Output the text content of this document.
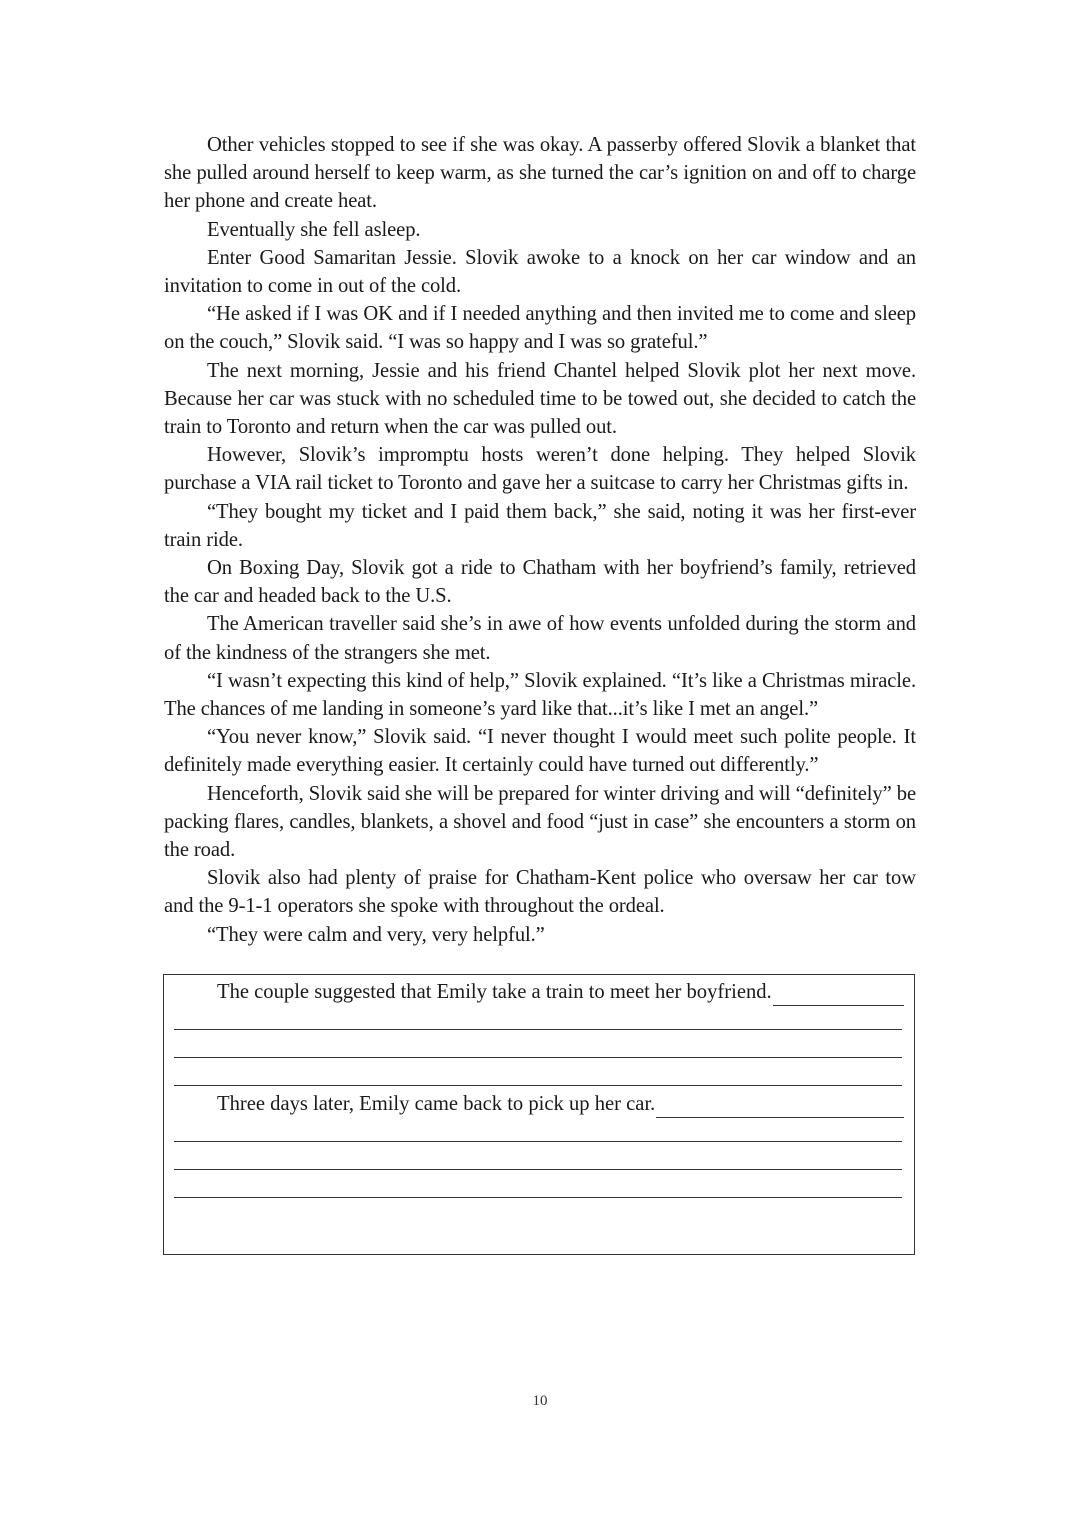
Other vehicles stopped to see if she was okay. A passerby offered Slovik a blanket that she pulled around herself to keep warm, as she turned the car’s ignition on and off to charge her phone and create heat.

Eventually she fell asleep.

Enter Good Samaritan Jessie. Slovik awoke to a knock on her car window and an invitation to come in out of the cold.

“He asked if I was OK and if I needed anything and then invited me to come and sleep on the couch,” Slovik said. “I was so happy and I was so grateful.”

The next morning, Jessie and his friend Chantel helped Slovik plot her next move. Because her car was stuck with no scheduled time to be towed out, she decided to catch the train to Toronto and return when the car was pulled out.

However, Slovik’s impromptu hosts weren’t done helping. They helped Slovik purchase a VIA rail ticket to Toronto and gave her a suitcase to carry her Christmas gifts in.

“They bought my ticket and I paid them back,” she said, noting it was her first-ever train ride.

On Boxing Day, Slovik got a ride to Chatham with her boyfriend’s family, retrieved the car and headed back to the U.S.

The American traveller said she’s in awe of how events unfolded during the storm and of the kindness of the strangers she met.

“I wasn’t expecting this kind of help,” Slovik explained. “It’s like a Christmas miracle. The chances of me landing in someone’s yard like that...it’s like I met an angel.”

“You never know,” Slovik said. “I never thought I would meet such polite people. It definitely made everything easier. It certainly could have turned out differently.”

Henceforth, Slovik said she will be prepared for winter driving and will “definitely” be packing flares, candles, blankets, a shovel and food “just in case” she encounters a storm on the road.

Slovik also had plenty of praise for Chatham-Kent police who oversaw her car tow and the 9-1-1 operators she spoke with throughout the ordeal.

“They were calm and very, very helpful.”

The couple suggested that Emily take a train to meet her boyfriend.
Three days later, Emily came back to pick up her car.
10
